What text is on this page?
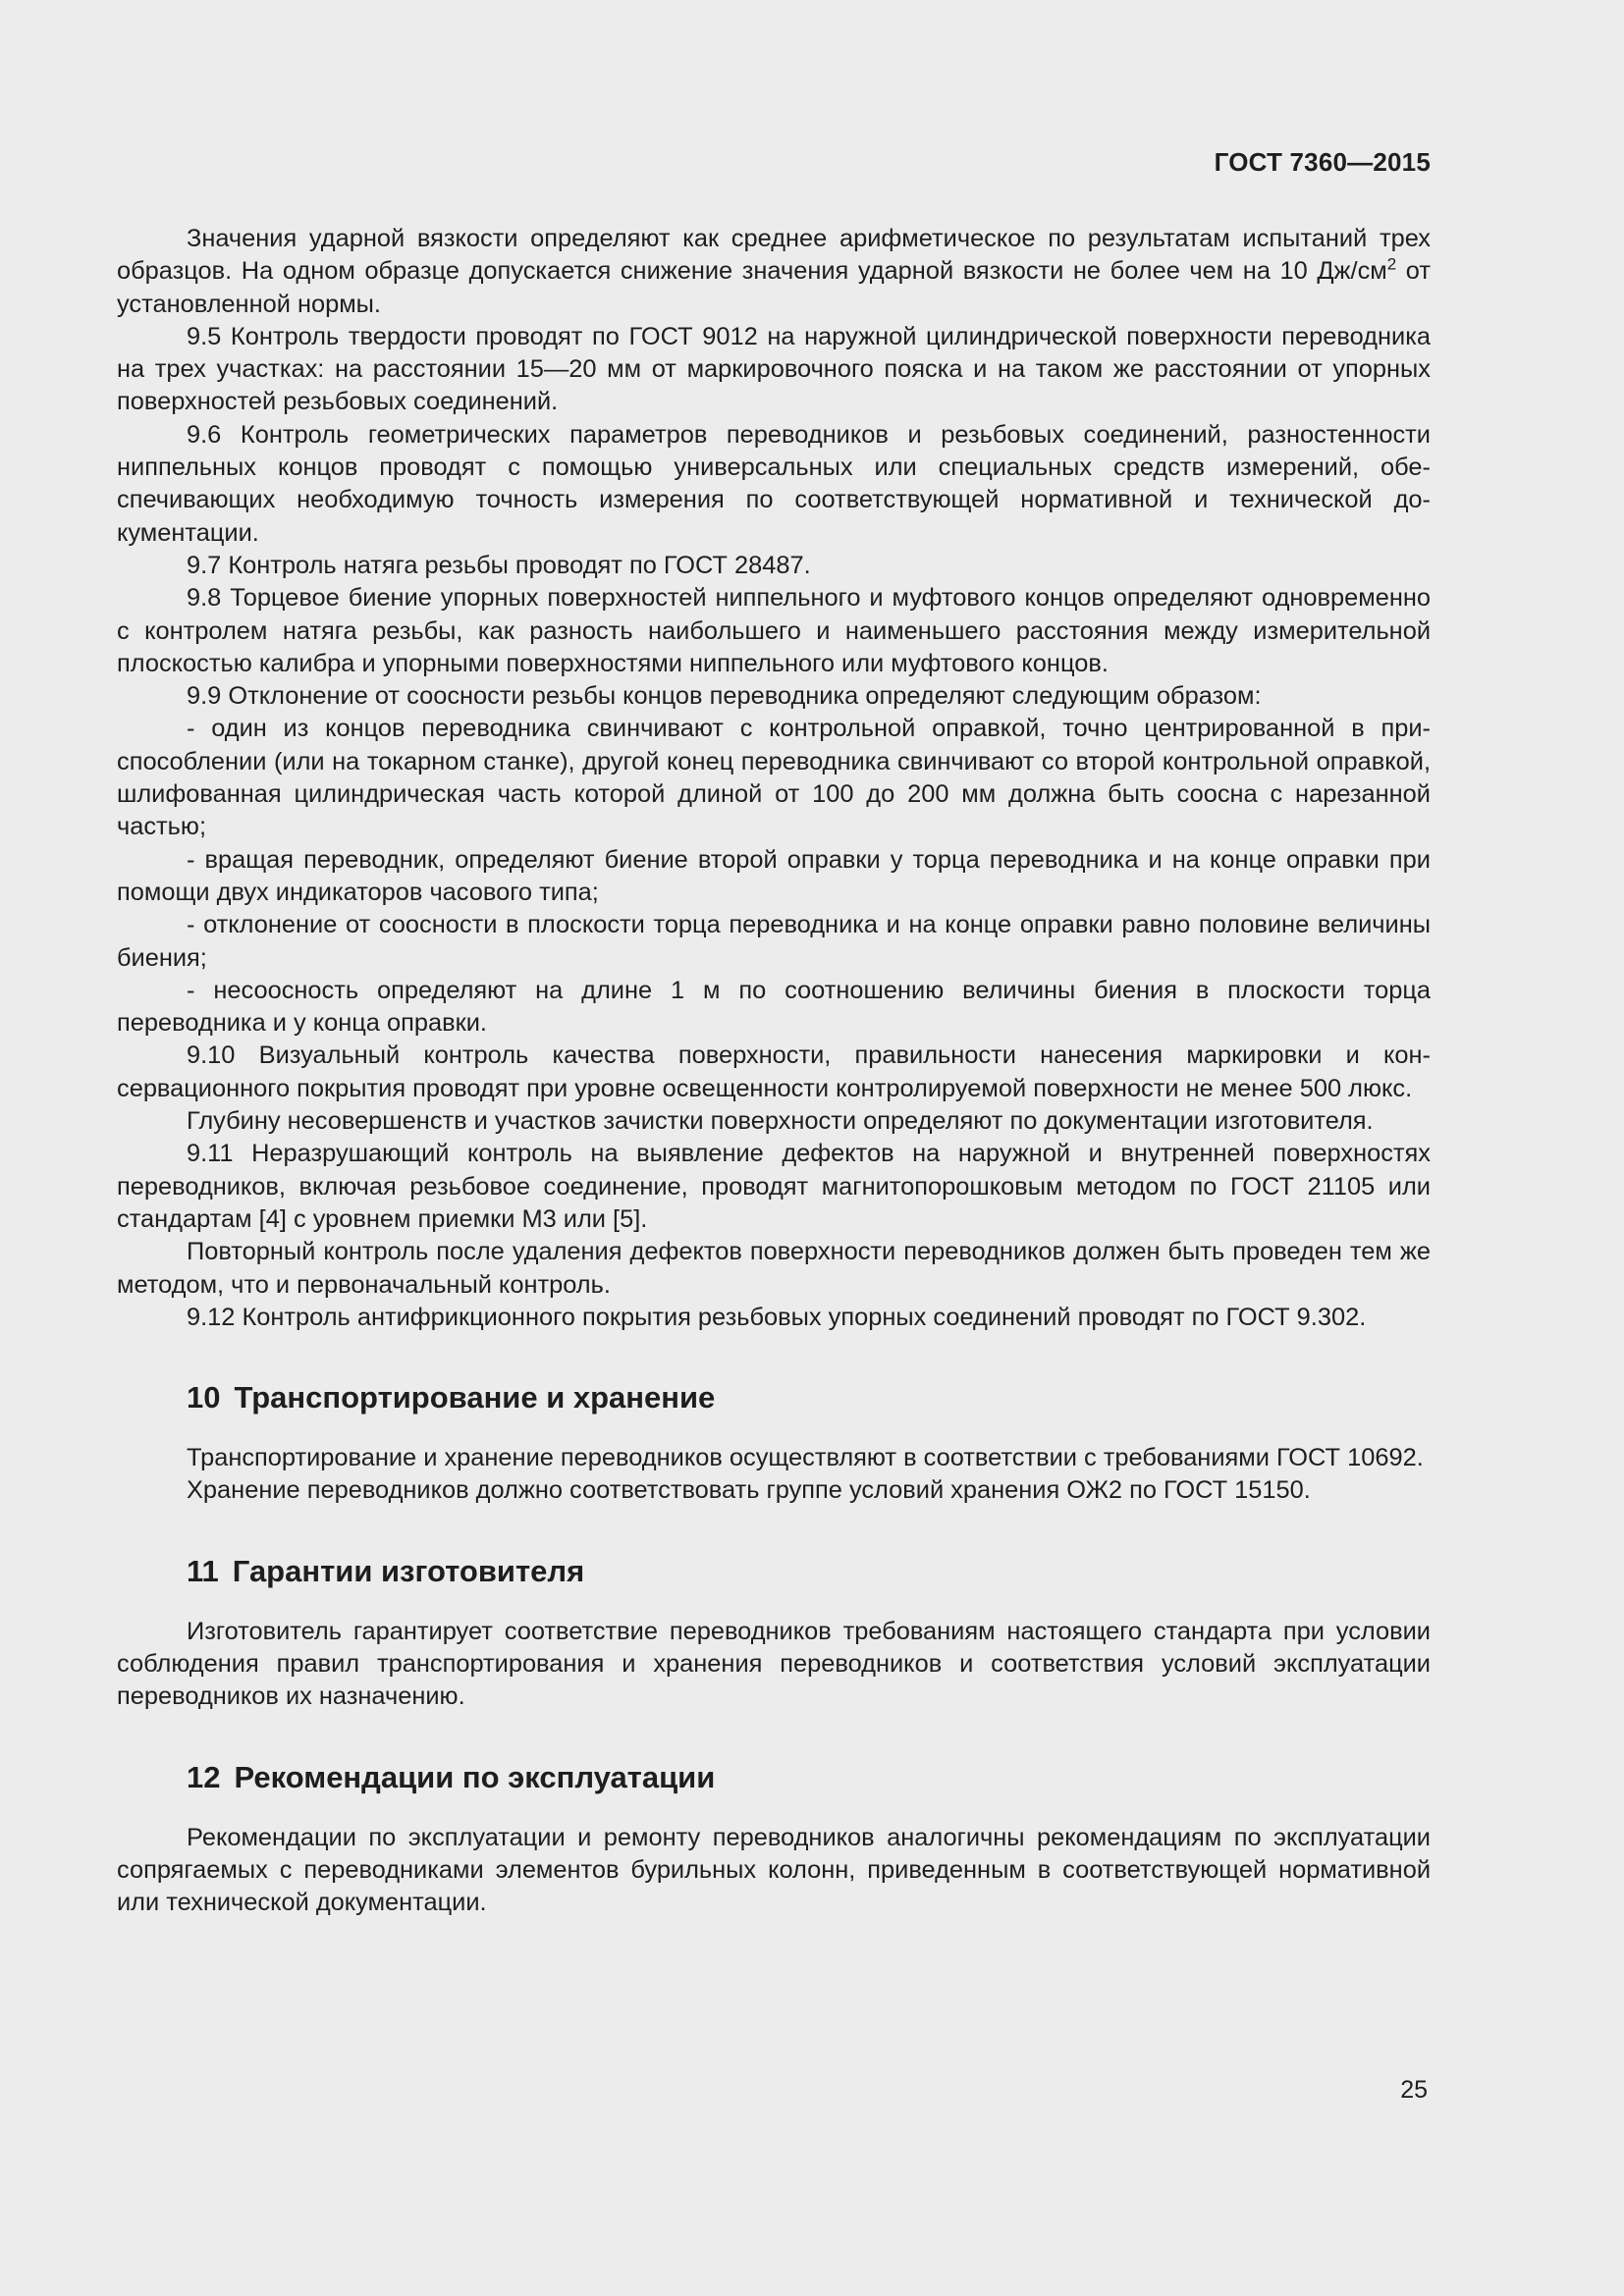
ГОСТ 7360—2015

Значения ударной вязкости определяют как среднее арифметическое по результатам испытаний трех образцов. На одном образце допускается снижение значения ударной вязкости не более чем на 10 $Дж/см^2$ от установленной нормы.

9.5 Контроль твердости проводят по ГОСТ 9012 на наружной цилиндрической поверхности переводника на трех участках: на расстоянии 15—20 мм от маркировочного пояска и на таком же расстоянии от упорных поверхностей резьбовых соединений.

9.6 Контроль геометрических параметров переводников и резьбовых соединений, разностенности ниппельных концов проводят с помощью универсальных или специальных средств измерений, обеспечивающих необходимую точность измерения по соответствующей нормативной и технической документации.

9.7 Контроль натяга резьбы проводят по ГОСТ 28487.

9.8 Торцевое биение упорных поверхностей ниппельного и муфтового концов определяют одновременно с контролем натяга резьбы, как разность наибольшего и наименьшего расстояния между измерительной плоскостью калибра и упорными поверхностями ниппельного или муфтового концов.

9.9 Отклонение от соосности резьбы концов переводника определяют следующим образом:

- один из концов переводника свинчивают с контрольной оправкой, точно центрированной в приспособлении (или на токарном станке), другой конец переводника свинчивают со второй контрольной оправкой, шлифованная цилиндрическая часть которой длиной от 100 до 200 мм должна быть соосна с нарезанной частью;

- вращая переводник, определяют биение второй оправки у торца переводника и на конце оправки при помощи двух индикаторов часового типа;

- отклонение от соосности в плоскости торца переводника и на конце оправки равно половине величины биения;

- несоосность определяют на длине 1 м по соотношению величины биения в плоскости торца переводника и у конца оправки.

9.10 Визуальный контроль качества поверхности, правильности нанесения маркировки и консервационного покрытия проводят при уровне освещенности контролируемой поверхности не менее 500 люкс.

Глубину несовершенств и участков зачистки поверхности определяют по документации изготовителя.

9.11 Неразрушающий контроль на выявление дефектов на наружной и внутренней поверхностях переводников, включая резьбовое соединение, проводят магнитопорошковым методом по ГОСТ 21105 или стандартам [4] с уровнем приемки М3 или [5].

Повторный контроль после удаления дефектов поверхности переводников должен быть проведен тем же методом, что и первоначальный контроль.

9.12 Контроль антифрикционного покрытия резьбовых упорных соединений проводят по ГОСТ 9.302.

10 Транспортирование и хранение

Транспортирование и хранение переводников осуществляют в соответствии с требованиями ГОСТ 10692.

Хранение переводников должно соответствовать группе условий хранения ОЖ2 по ГОСТ 15150.

11 Гарантии изготовителя

Изготовитель гарантирует соответствие переводников требованиям настоящего стандарта при условии соблюдения правил транспортирования и хранения переводников и соответствия условий эксплуатации переводников их назначению.

12 Рекомендации по эксплуатации

Рекомендации по эксплуатации и ремонту переводников аналогичны рекомендациям по эксплуатации сопрягаемых с переводниками элементов бурильных колонн, приведенным в соответствующей нормативной или технической документации.

25
